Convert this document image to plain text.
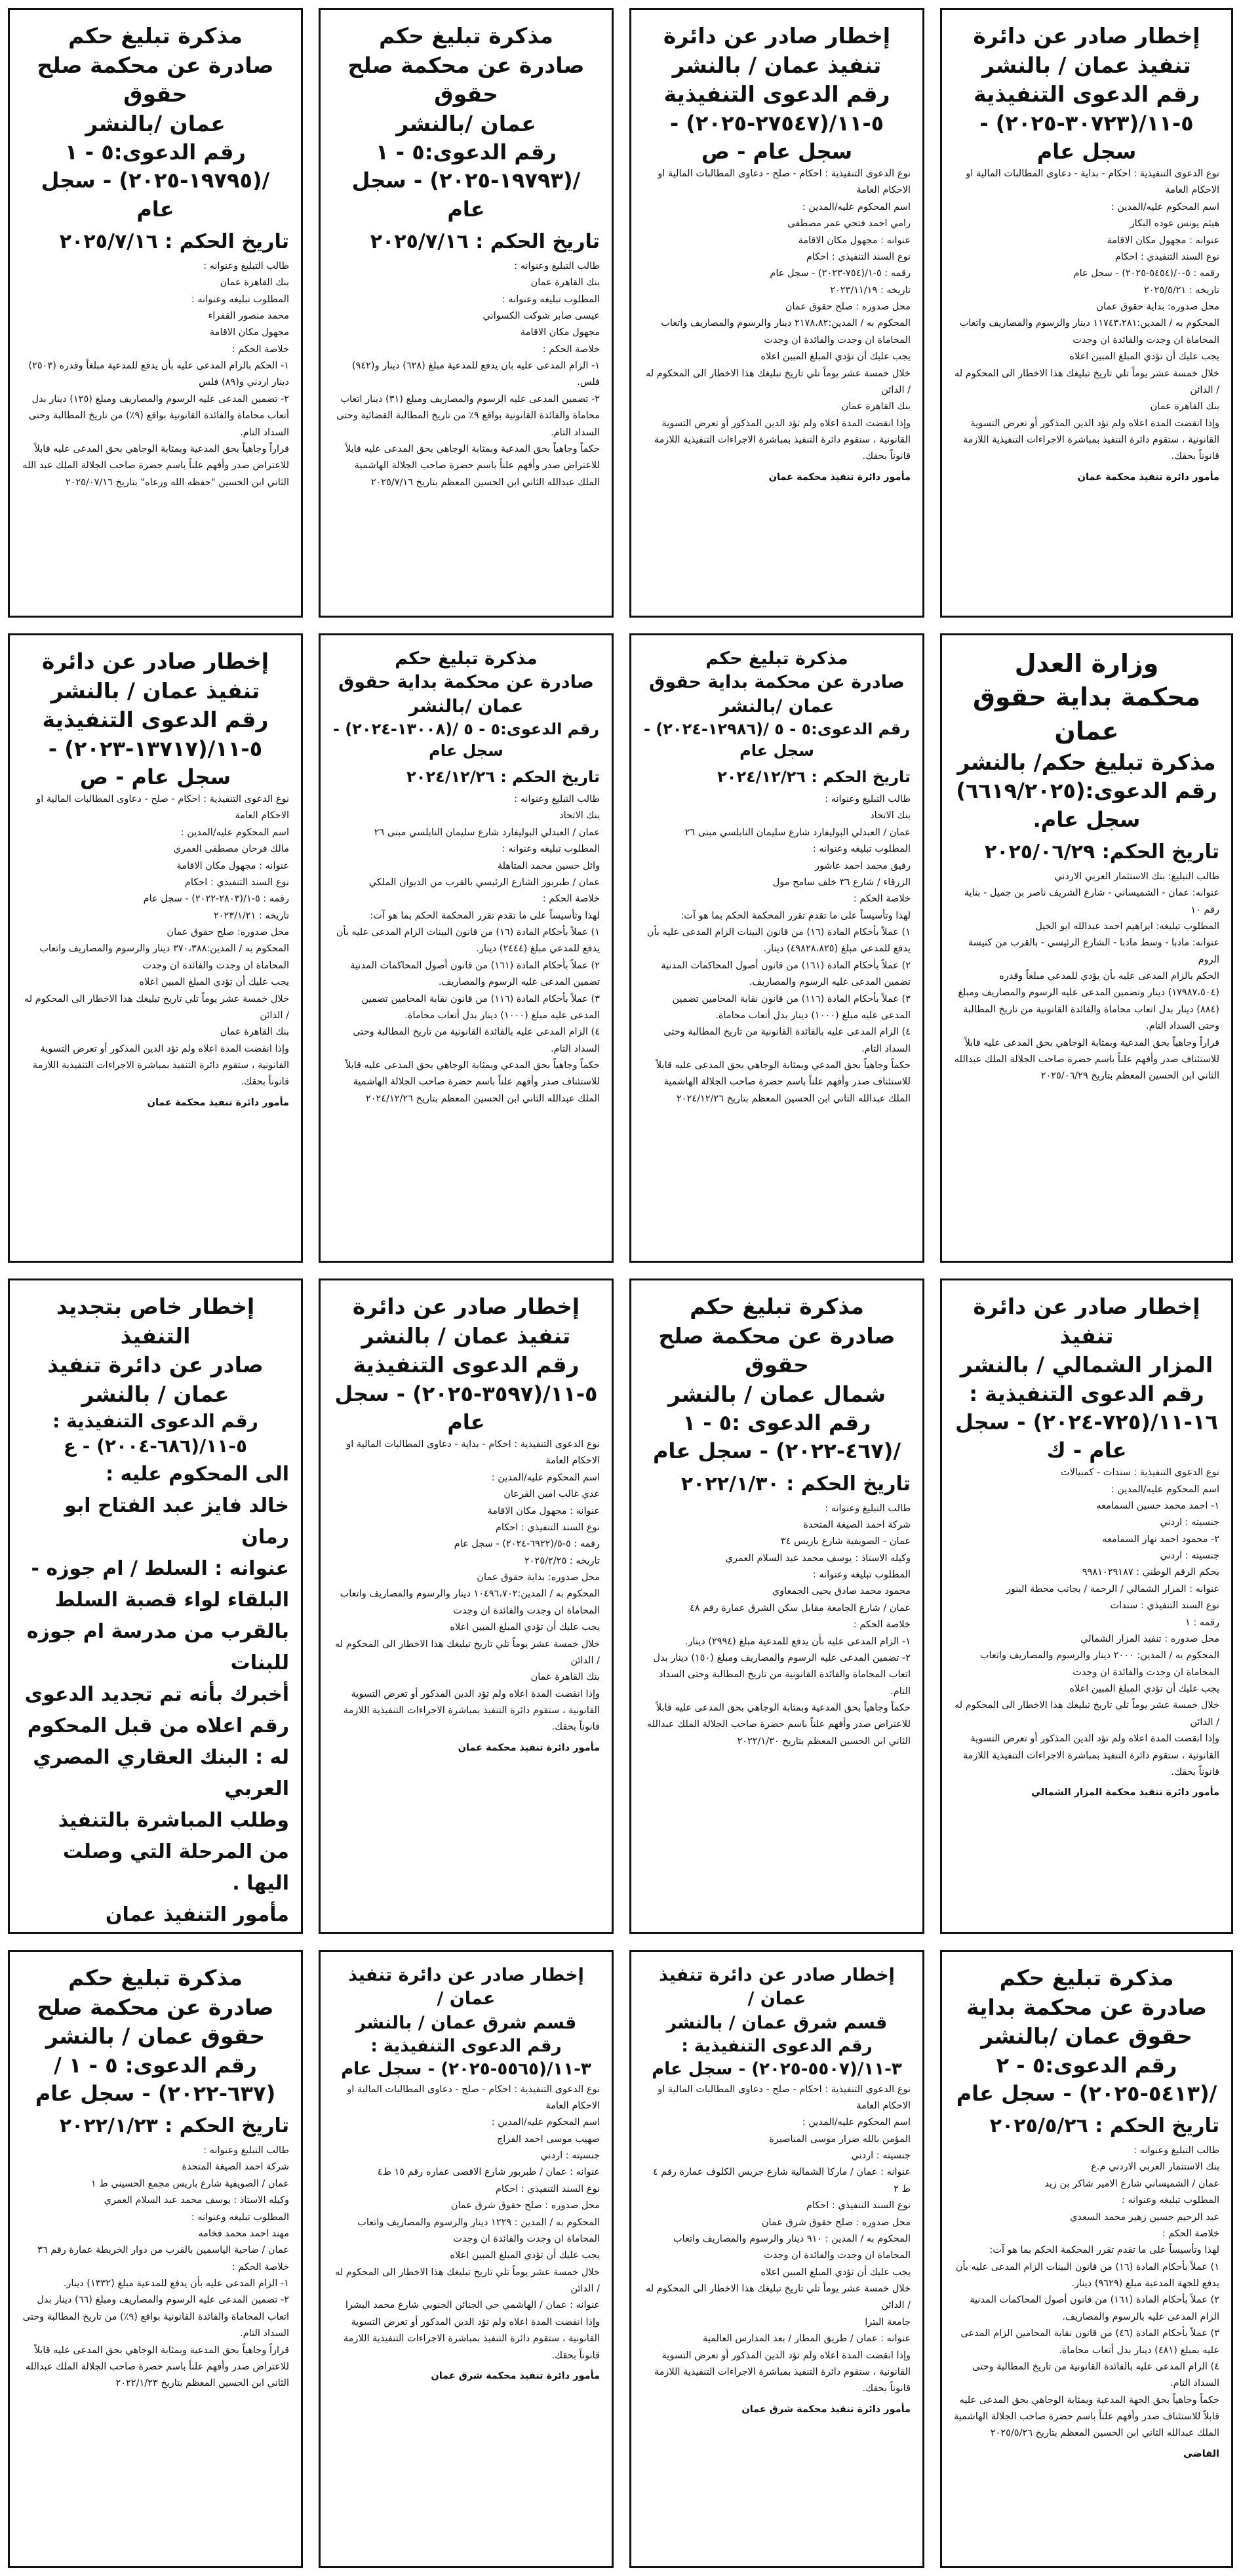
مذكرة تبليغ حكم
صادرة عن محكمة صلح حقوق
عمان /بالنشر
رقم الدعوى:٥ - ١ /(١٩٧٩٥-٢٠٢٥) - سجل عام
تاريخ الحكم : ٢٠٢٥/٧/١٦

طالب التبليغ وعنوانه :

بنك القاهرة عمان

المطلوب تبليغه وعنوانه :

محمد منصور القفراء

مجهول مكان الاقامة

خلاصة الحكم :

١- الحكم بالزام المدعى عليه بأن يدفع للمدعية مبلغاً وقدره (٢٥٠٣) دينار اردني و(٨٩) فلس

٢- تضمين المدعى عليه الرسوم والمصاريف ومبلغ (١٢٥) دينار بدل أتعاب محاماة والفائدة القانونية بواقع (٩٪) من تاريخ المطالبة وحتى السداد التام.

قراراً وجاهياً بحق المدعية وبمثابة الوجاهي بحق المدعى عليه قابلاً للاعتراض صدر وأفهم علناً باسم حضرة صاحب الجلالة الملك عبد الله الثاني ابن الحسين "حفظه الله ورعاه" بتاريخ ٢٠٢٥/٠٧/١٦

مذكرة تبليغ حكم
صادرة عن محكمة صلح حقوق
عمان /بالنشر
رقم الدعوى:٥ - ١ /(١٩٧٩٣-٢٠٢٥) - سجل عام
تاريخ الحكم : ٢٠٢٥/٧/١٦

طالب التبليغ وعنوانه :

بنك القاهرة عمان

المطلوب تبليغه وعنوانه :

عيسى صابر شوكت الكسواني

مجهول مكان الاقامة

خلاصة الحكم :

١- الزام المدعى عليه بان يدفع للمدعية مبلغ (٦٢٨) دينار و(٩٤٢) فلس.

٢- تضمين المدعى عليه الرسوم والمصاريف ومبلغ (٣١) دينار اتعاب محاماة والفائدة القانونية بواقع ٩٪ من تاريخ المطالبة القضائية وحتى السداد التام.

حكماً وجاهياً بحق المدعية وبمثابة الوجاهي بحق المدعى عليه قابلاً للاعتراض صدر وأفهم علناً باسم حضرة صاحب الجلالة الهاشمية الملك عبدالله الثاني ابن الحسين المعظم بتاريخ ٢٠٢٥/٧/١٦

إخطار صادر عن دائرة
تنفيذ عمان / بالنشر
رقم الدعوى التنفيذية
٥-١١/(٢٧٥٤٧-٢٠٢٥) - سجل عام - ص

نوع الدعوى التنفيذية : احكام - صلح - دعاوى المطالبات المالية او الاحكام العامة

اسم المحكوم عليه/المدين :

رامي احمد فتحي عمر مصطفى

عنوانه : مجهول مكان الاقامة

نوع السند التنفيذي : احكام

رقمه : ٥-١/(٧٥٤-٢٠٢٣) - سجل عام

تاريخه : ٢٠٢٣/١١/١٩

محل صدوره : صلح حقوق عمان

المحكوم به / المدين:٢١٧٨،٨٢ دينار والرسوم والمصاريف واتعاب المحاماة ان وجدت والفائدة ان وجدت

يجب عليك أن تؤدي المبلغ المبين اعلاه

خلال خمسة عشر يوماً تلي تاريخ تبليغك هذا الاخطار الى المحكوم له / الدائن

بنك القاهرة عمان

وإذا انقضت المدة اعلاه ولم تؤد الدين المذكور أو تعرض التسوية القانونية ، ستقوم دائرة التنفيذ بمباشرة الاجراءات التنفيذية اللازمة قانوناً بحقك.

مأمور دائرة تنفيذ محكمة عمان
إخطار صادر عن دائرة
تنفيذ عمان / بالنشر
رقم الدعوى التنفيذية
٥-١١/(٣٠٧٢٣-٢٠٢٥) - سجل عام

نوع الدعوى التنفيذية : احكام - بداية - دعاوى المطالبات المالية او الاحكام العامة

اسم المحكوم عليه/المدين :

هيثم يونس عوده البكار

عنوانه : مجهول مكان الاقامة

نوع السند التنفيذي : احكام

رقمه : ٥-٠/(٥٤٥٤-٢٠٢٥) - سجل عام

تاريخه : ٢٠٢٥/٥/٢١

محل صدوره: بداية حقوق عمان

المحكوم به / المدين:١١٧٤٣،٢٨١ دينار والرسوم والمصاريف واتعاب المحاماة ان وجدت والفائدة ان وجدت

يجب عليك أن تؤدي المبلغ المبين اعلاه

خلال خمسة عشر يوماً تلي تاريخ تبليغك هذا الاخطار الى المحكوم له / الدائن

بنك القاهرة عمان

وإذا انقضت المدة اعلاه ولم تؤد الدين المذكور أو تعرض التسوية القانونية ، ستقوم دائرة التنفيذ بمباشرة الاجراءات التنفيذية اللازمة قانوناً بحقك.

مأمور دائرة تنفيذ محكمة عمان
إخطار صادر عن دائرة
تنفيذ عمان / بالنشر
رقم الدعوى التنفيذية
٥-١١/(١٣٧١٧-٢٠٢٣) - سجل عام - ص

نوع الدعوى التنفيذية : احكام - صلح - دعاوى المطالبات المالية او الاحكام العامة

اسم المحكوم عليه/المدين :

مالك فرحان مصطفى العمري

عنوانه : مجهول مكان الاقامة

نوع السند التنفيذي : احكام

رقمه : ٥-١/(٢٨٠٣-٢٠٢٢) - سجل عام

تاريخه : ٢٠٢٣/١/٢١

محل صدوره: صلح حقوق عمان

المحكوم به / المدين:٣٧٠،٣٨٨ دينار والرسوم والمصاريف واتعاب المحاماة ان وجدت والفائدة ان وجدت

يجب عليك أن تؤدي المبلغ المبين اعلاه

خلال خمسة عشر يوماً تلي تاريخ تبليغك هذا الاخطار الى المحكوم له / الدائن

بنك القاهرة عمان

وإذا انقضت المدة اعلاه ولم تؤد الدين المذكور أو تعرض التسوية القانونية ، ستقوم دائرة التنفيذ بمباشرة الاجراءات التنفيذية اللازمة قانوناً بحقك.

مأمور دائرة تنفيذ محكمة عمان
مذكرة تبليغ حكم
صادرة عن محكمة بداية حقوق عمان /بالنشر
رقم الدعوى:٥ - ٥ /(١٣٠٠٨-٢٠٢٤) - سجل عام
تاريخ الحكم : ٢٠٢٤/١٢/٢٦

طالب التبليغ وعنوانه :

بنك الاتحاد

عمان / العبدلي البوليفارد شارع سليمان النابلسي مبنى ٢٦

المطلوب تبليغه وعنوانه :

وائل حسين محمد المتاهلة

عمان / طبربور الشارع الرئيسي بالقرب من الديوان الملكي

خلاصة الحكم :

لهذا وتأسيساً على ما تقدم تقرر المحكمة الحكم بما هو آت:

١) عملاً بأحكام المادة (١٦) من قانون البينات الزام المدعى عليه بأن يدفع للمدعي مبلغ (٢٤٤٤) دينار.

٢) عملاً بأحكام المادة (١٦١) من قانون أصول المحاكمات المدنية تضمين المدعى عليه الرسوم والمصاريف.

٣) عملاً بأحكام المادة (١١٦) من قانون نقابة المحامين تضمين المدعى عليه مبلغ (١٠٠٠) دينار بدل أتعاب محاماة.

٤) الزام المدعى عليه بالفائدة القانونية من تاريخ المطالبة وحتى السداد التام.

حكماً وجاهياً بحق المدعي وبمثابة الوجاهي بحق المدعى عليه قابلاً للاستئناف صدر وأفهم علناً باسم حضرة صاحب الجلالة الهاشمية الملك عبدالله الثاني ابن الحسين المعظم بتاريخ ٢٠٢٤/١٢/٢٦

مذكرة تبليغ حكم
صادرة عن محكمة بداية حقوق عمان /بالنشر
رقم الدعوى:٥ - ٥ /(١٢٩٨٦-٢٠٢٤) - سجل عام
تاريخ الحكم : ٢٠٢٤/١٢/٢٦

طالب التبليغ وعنوانه :

بنك الاتحاد

عمان / العبدلي البوليفارد شارع سليمان النابلسي مبنى ٢٦

المطلوب تبليغه وعنوانه :

رفيق محمد احمد عاشور

الزرقاء / شارع ٣٦ خلف سامح مول

خلاصة الحكم :

لهذا وتأسيساً على ما تقدم تقرر المحكمة الحكم بما هو آت:

١) عملاً بأحكام المادة (١٦) من قانون البينات الزام المدعى عليه بأن يدفع للمدعي مبلغ (٤٩٨٢٨،٨٢٥) دينار.

٢) عملاً بأحكام المادة (١٦١) من قانون أصول المحاكمات المدنية تضمين المدعى عليه الرسوم والمصاريف.

٣) عملاً بأحكام المادة (١١٦) من قانون نقابة المحامين تضمين المدعى عليه مبلغ (١٠٠٠) دينار بدل أتعاب محاماة.

٤) الزام المدعى عليه بالفائدة القانونية من تاريخ المطالبة وحتى السداد التام.

حكماً وجاهياً بحق المدعي وبمثابة الوجاهي بحق المدعى عليه قابلاً للاستئناف صدر وأفهم علناً باسم حضرة صاحب الجلالة الهاشمية الملك عبدالله الثاني ابن الحسين المعظم بتاريخ ٢٠٢٤/١٢/٢٦

وزارة العدل
محكمة بداية حقوق عمان
مذكرة تبليغ حكم/ بالنشر
رقم الدعوى:(٦٦١٩/٢٠٢٥) سجل عام.
تاريخ الحكم: ٢٠٢٥/٠٦/٢٩

طالب التبليغ: بنك الاستثمار العربي الاردني

عنوانه: عمان - الشميساني - شارع الشريف ناصر بن جميل - بناية رقم ١٠

المطلوب تبليغه: ابراهيم احمد عبدالله ابو الخيل

عنوانه: مادبا - وسط مادبا - الشارع الرئيسي - بالقرب من كنيسة الروم

الحكم بالزام المدعى عليه بأن يؤدي للمدعي مبلغاً وقدره (١٧٩٨٧،٥٠٤) دينار وتضمين المدعى عليه الرسوم والمصاريف ومبلغ (٨٨٤) دينار بدل اتعاب محاماة والفائدة القانونية من تاريخ المطالبة وحتى السداد التام.

قراراً وجاهياً بحق المدعية وبمثابة الوجاهي بحق المدعى عليه قابلاً للاستئناف صدر وأفهم علناً باسم حضرة صاحب الجلالة الملك عبدالله الثاني ابن الحسين المعظم بتاريخ ٢٠٢٥/٠٦/٢٩

إخطار خاص بتجديد
التنفيذ
صادر عن دائرة تنفيذ
عمان / بالنشر
رقم الدعوى التنفيذية : ٥-١١/(٦٨٦-٢٠٠٤) - ع

الى المحكوم عليه :

خالد فايز عبد الفتاح ابو رمان

عنوانه : السلط / ام جوزه - البلقاء لواء قصبة السلط بالقرب من مدرسة ام جوزه للبنات

أخبرك بأنه تم تجديد الدعوى رقم اعلاه من قبل المحكوم له : البنك العقاري المصري العربي

وطلب المباشرة بالتنفيذ من المرحلة التي وصلت اليها .

مأمور التنفيذ عمان

إخطار صادر عن دائرة
تنفيذ عمان / بالنشر
رقم الدعوى التنفيذية
٥-١١/(٣٥٩٧-٢٠٢٥) - سجل عام

نوع الدعوى التنفيذية : احكام - بداية - دعاوى المطالبات المالية او الاحكام العامة

اسم المحكوم عليه/المدين :

عدي غالب امين القرعان

عنوانه : مجهول مكان الاقامة

نوع السند التنفيذي : احكام

رقمه : ٥-٥/(٦٩٢٢-٢٠٢٤) - سجل عام

تاريخه : ٢٠٢٥/٢/٢٥

محل صدوره: بداية حقوق عمان

المحكوم به / المدين:١٠٤٩٦،٧٠٢ دينار والرسوم والمصاريف واتعاب المحاماة ان وجدت والفائدة ان وجدت

يجب عليك أن تؤدي المبلغ المبين اعلاه

خلال خمسة عشر يوماً تلي تاريخ تبليغك هذا الاخطار الى المحكوم له / الدائن

بنك القاهرة عمان

وإذا انقضت المدة اعلاه ولم تؤد الدين المذكور أو تعرض التسوية القانونية ، ستقوم دائرة التنفيذ بمباشرة الاجراءات التنفيذية اللازمة قانوناً بحقك.

مأمور دائرة تنفيذ محكمة عمان
مذكرة تبليغ حكم
صادرة عن محكمة صلح حقوق
شمال عمان / بالنشر
رقم الدعوى :٥ - ١ /(٤٦٧-٢٠٢٢) - سجل عام
تاريخ الحكم : ٢٠٢٢/١/٣٠

طالب التبليغ وعنوانه :

شركة احمد الصيغة المتحدة

عمان - الصويفية شارع باريس ٣٤

وكيله الاستاذ : يوسف محمد عبد السلام العمري

المطلوب تبليغه وعنوانه :

محمود محمد صادق يحيى الجمعاوي

عمان / شارع الجامعة مقابل سكن الشرق عمارة رقم ٤٨

خلاصة الحكم :

١- الزام المدعى عليه بأن يدفع للمدعية مبلغ (٢٩٩٤) دينار.

٢- تضمين المدعى عليه الرسوم والمصاريف ومبلغ (١٥٠) دينار بدل اتعاب المحاماة والفائدة القانونية من تاريخ المطالبة وحتى السداد التام.

حكماً وجاهياً بحق المدعية وبمثابة الوجاهي بحق المدعى عليه قابلاً للاعتراض صدر وأفهم علناً باسم حضرة صاحب الجلالة الملك عبدالله الثاني ابن الحسين المعظم بتاريخ ٢٠٢٢/١/٣٠

إخطار صادر عن دائرة تنفيذ
المزار الشمالي / بالنشر
رقم الدعوى التنفيذية : ١٦-١١/(٧٢٥-٢٠٢٤) - سجل عام - ك

نوع الدعوى التنفيذية : سندات - كمبيالات

اسم المحكوم عليه/المدين :

١- احمد محمد حسين السمامعه

جنسيته : اردني

٢- محمود احمد نهار السمامعه

جنسيته : اردني

بحكم الرقم الوطني : ٩٩٨١٠٢٩١٨٧

عنوانه : المزار الشمالي / الرحمة / بجانب محطة البنور

نوع السند التنفيذي : سندات

رقمه : ١

محل صدوره : تنفيذ المزار الشمالي

المحكوم به / المدين: ٢٠٠٠ دينار والرسوم والمصاريف واتعاب المحاماة ان وجدت والفائدة ان وجدت

يجب عليك أن تؤدي المبلغ المبين اعلاه

خلال خمسة عشر يوماً تلي تاريخ تبليغك هذا الاخطار الى المحكوم له / الدائن

وإذا انقضت المدة اعلاه ولم تؤد الدين المذكور أو تعرض التسوية القانونية ، ستقوم دائرة التنفيذ بمباشرة الاجراءات التنفيذية اللازمة قانوناً بحقك.

مأمور دائرة تنفيذ محكمة المزار الشمالي
مذكرة تبليغ حكم
صادرة عن محكمة صلح
حقوق عمان / بالنشر
رقم الدعوى: ٥ - ١ / (٦٣٧-٢٠٢٢) - سجل عام
تاريخ الحكم : ٢٠٢٢/١/٢٣

طالب التبليغ وعنوانه :

شركة احمد الصيغة المتحدة

عمان / الصويفية شارع باريس مجمع الحسيني ط ١

وكيله الاستاذ : يوسف محمد عبد السلام العمري

المطلوب تبليغه وعنوانه :

مهند احمد محمد فخامه

عمان / ضاحية الياسمين بالقرب من دوار الخريطة عمارة رقم ٣٦

خلاصة الحكم :

١- الزام المدعى عليه بأن يدفع للمدعية مبلغ (١٣٣٢) دينار.

٢- تضمين المدعى عليه الرسوم والمصاريف ومبلغ (٦٦) دينار بدل اتعاب المحاماة والفائدة القانونية بواقع (٩٪) من تاريخ المطالبة وحتى السداد التام.

قراراً وجاهياً بحق المدعية وبمثابة الوجاهي بحق المدعى عليه قابلاً للاعتراض صدر وأفهم علناً باسم حضرة صاحب الجلالة الملك عبدالله الثاني ابن الحسين المعظم بتاريخ ٢٠٢٢/١/٢٣

إخطار صادر عن دائرة تنفيذ عمان /
قسم شرق عمان / بالنشر
رقم الدعوى التنفيذية : ٣-١١/(٥٥٦٥-٢٠٢٥) - سجل عام

نوع الدعوى التنفيذية : احكام - صلح - دعاوى المطالبات المالية او الاحكام العامة

اسم المحكوم عليه/المدين :

صهيب موسى احمد الفراج

جنسيته : اردني

عنوانه : عمان / طبربور شارع الاقصى عماره رقم ١٥ ط٤

نوع السند التنفيذي : احكام

محل صدوره : صلح حقوق شرق عمان

المحكوم به / المدين : ١٢٢٩ دينار والرسوم والمصاريف واتعاب المحاماة ان وجدت والفائدة ان وجدت

يجب عليك أن تؤدي المبلغ المبين اعلاه

خلال خمسة عشر يوماً تلي تاريخ تبليغك هذا الاخطار الى المحكوم له / الدائن

عنوانه : عمان / الهاشمي حي الجنائن الجنوبي شارع محمد البشرا

وإذا انقضت المدة اعلاه ولم تؤد الدين المذكور أو تعرض التسوية القانونية ، ستقوم دائرة التنفيذ بمباشرة الاجراءات التنفيذية اللازمة قانوناً بحقك.

مأمور دائرة تنفيذ محكمة شرق عمان
إخطار صادر عن دائرة تنفيذ عمان /
قسم شرق عمان / بالنشر
رقم الدعوى التنفيذية : ٣-١١/(٥٥٠٧-٢٠٢٥) - سجل عام

نوع الدعوى التنفيذية : احكام - صلح - دعاوى المطالبات المالية او الاحكام العامة

اسم المحكوم عليه/المدين :

المؤمن بالله ضرار موسى المناصيرة

جنسيته : اردني

عنوانه : عمان / ماركا الشمالية شارع جريس الكلوف عمارة رقم ٤ ط ٢

نوع السند التنفيذي : احكام

محل صدوره : صلح حقوق شرق عمان

المحكوم به / المدين : ٩١٠ دينار والرسوم والمصاريف واتعاب المحاماة ان وجدت والفائدة ان وجدت

يجب عليك أن تؤدي المبلغ المبين اعلاه

خلال خمسة عشر يوماً تلي تاريخ تبليغك هذا الاخطار الى المحكوم له / الدائن

جامعة البترا

عنوانه : عمان / طريق المطار / بعد المدارس العالمية

وإذا انقضت المدة اعلاه ولم تؤد الدين المذكور أو تعرض التسوية القانونية ، ستقوم دائرة التنفيذ بمباشرة الاجراءات التنفيذية اللازمة قانوناً بحقك.

مأمور دائرة تنفيذ محكمة شرق عمان
مذكرة تبليغ حكم
صادرة عن محكمة بداية
حقوق عمان /بالنشر
رقم الدعوى:٥ - ٢ /(٥٤١٣-٢٠٢٥) - سجل عام
تاريخ الحكم : ٢٠٢٥/٥/٢٦

طالب التبليغ وعنوانه :

بنك الاستثمار العربي الاردني م.ع

عمان / الشميساني شارع الامير شاكر بن زيد

المطلوب تبليغه وعنوانه :

عبد الرحيم حسين زهير محمد السعدي

خلاصة الحكم :

لهذا وتأسيساً على ما تقدم تقرر المحكمة الحكم بما هو آت:

١) عملاً بأحكام المادة (١٦) من قانون البينات الزام المدعى عليه بأن يدفع للجهة المدعية مبلغ (٩٦٢٩) دينار.

٢) عملاً بأحكام المادة (١٦١) من قانون أصول المحاكمات المدنية الزام المدعى عليه بالرسوم والمصاريف.

٣) عملاً بأحكام المادة (٤٦) من قانون نقابة المحامين الزام المدعى عليه بمبلغ (٤٨١) دينار بدل أتعاب محاماة.

٤) الزام المدعى عليه بالفائدة القانونية من تاريخ المطالبة وحتى السداد التام.

حكماً وجاهياً بحق الجهة المدعية وبمثابة الوجاهي بحق المدعى عليه قابلاً للاستئناف صدر وأفهم علناً باسم حضرة صاحب الجلالة الهاشمية الملك عبدالله الثاني ابن الحسين المعظم بتاريخ ٢٠٢٥/٥/٢٦

القاضي
